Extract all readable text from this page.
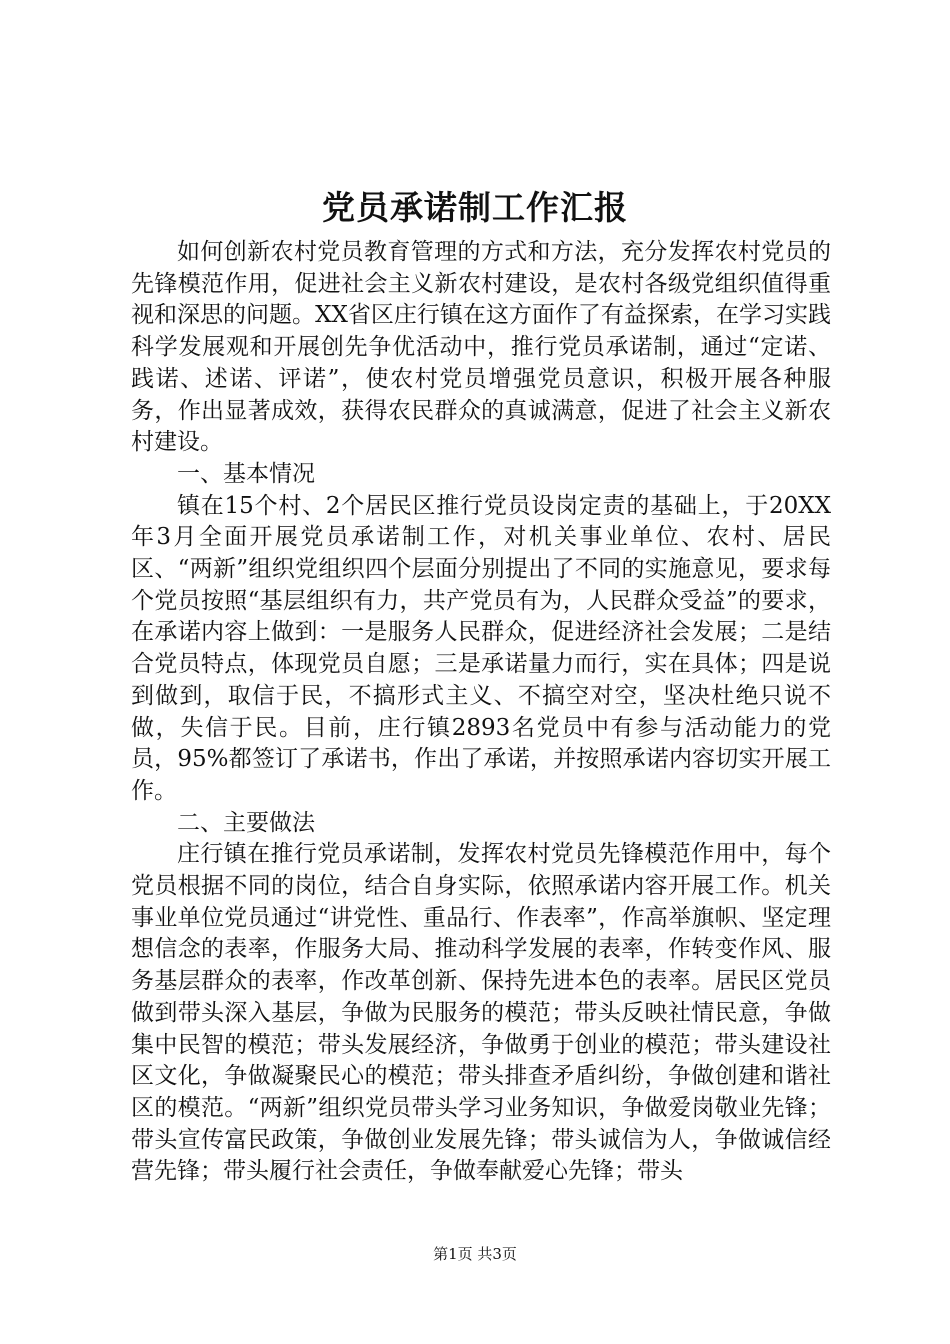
党员承诺制工作汇报

如何创新农村党员教育管理的方式和方法，充分发挥农村党员的先锋模范作用，促进社会主义新农村建设，是农村各级党组织值得重视和深思的问题。XX省区庄行镇在这方面作了有益探索，在学习实践科学发展观和开展创先争优活动中，推行党员承诺制，通过“定诺、践诺、述诺、评诺”，使农村党员增强党员意识，积极开展各种服务，作出显著成效，获得农民群众的真诚满意，促进了社会主义新农村建设。

一、基本情况

镇在15个村、2个居民区推行党员设岗定责的基础上，于20XX年3月全面开展党员承诺制工作，对机关事业单位、农村、居民区、“两新”组织党组织四个层面分别提出了不同的实施意见，要求每个党员按照“基层组织有力，共产党员有为，人民群众受益”的要求，在承诺内容上做到：一是服务人民群众，促进经济社会发展；二是结合党员特点，体现党员自愿；三是承诺量力而行，实在具体；四是说到做到，取信于民，不搞形式主义、不搞空对空，坚决杜绝只说不做，失信于民。目前，庄行镇2893名党员中有参与活动能力的党员，95%都签订了承诺书，作出了承诺，并按照承诺内容切实开展工作。

二、主要做法

庄行镇在推行党员承诺制，发挥农村党员先锋模范作用中，每个党员根据不同的岗位，结合自身实际，依照承诺内容开展工作。机关事业单位党员通过“讲党性、重品行、作表率”，作高举旗帜、坚定理想信念的表率，作服务大局、推动科学发展的表率，作转变作风、服务基层群众的表率，作改革创新、保持先进本色的表率。居民区党员做到带头深入基层，争做为民服务的模范；带头反映社情民意，争做集中民智的模范；带头发展经济，争做勇于创业的模范；带头建设社区文化，争做凝聚民心的模范；带头排查矛盾纠纷，争做创建和谐社区的模范。“两新”组织党员带头学习业务知识，争做爱岗敬业先锋；带头宣传富民政策，争做创业发展先锋；带头诚信为人，争做诚信经营先锋；带头履行社会责任，争做奉献爱心先锋；带头

第1页 共3页
